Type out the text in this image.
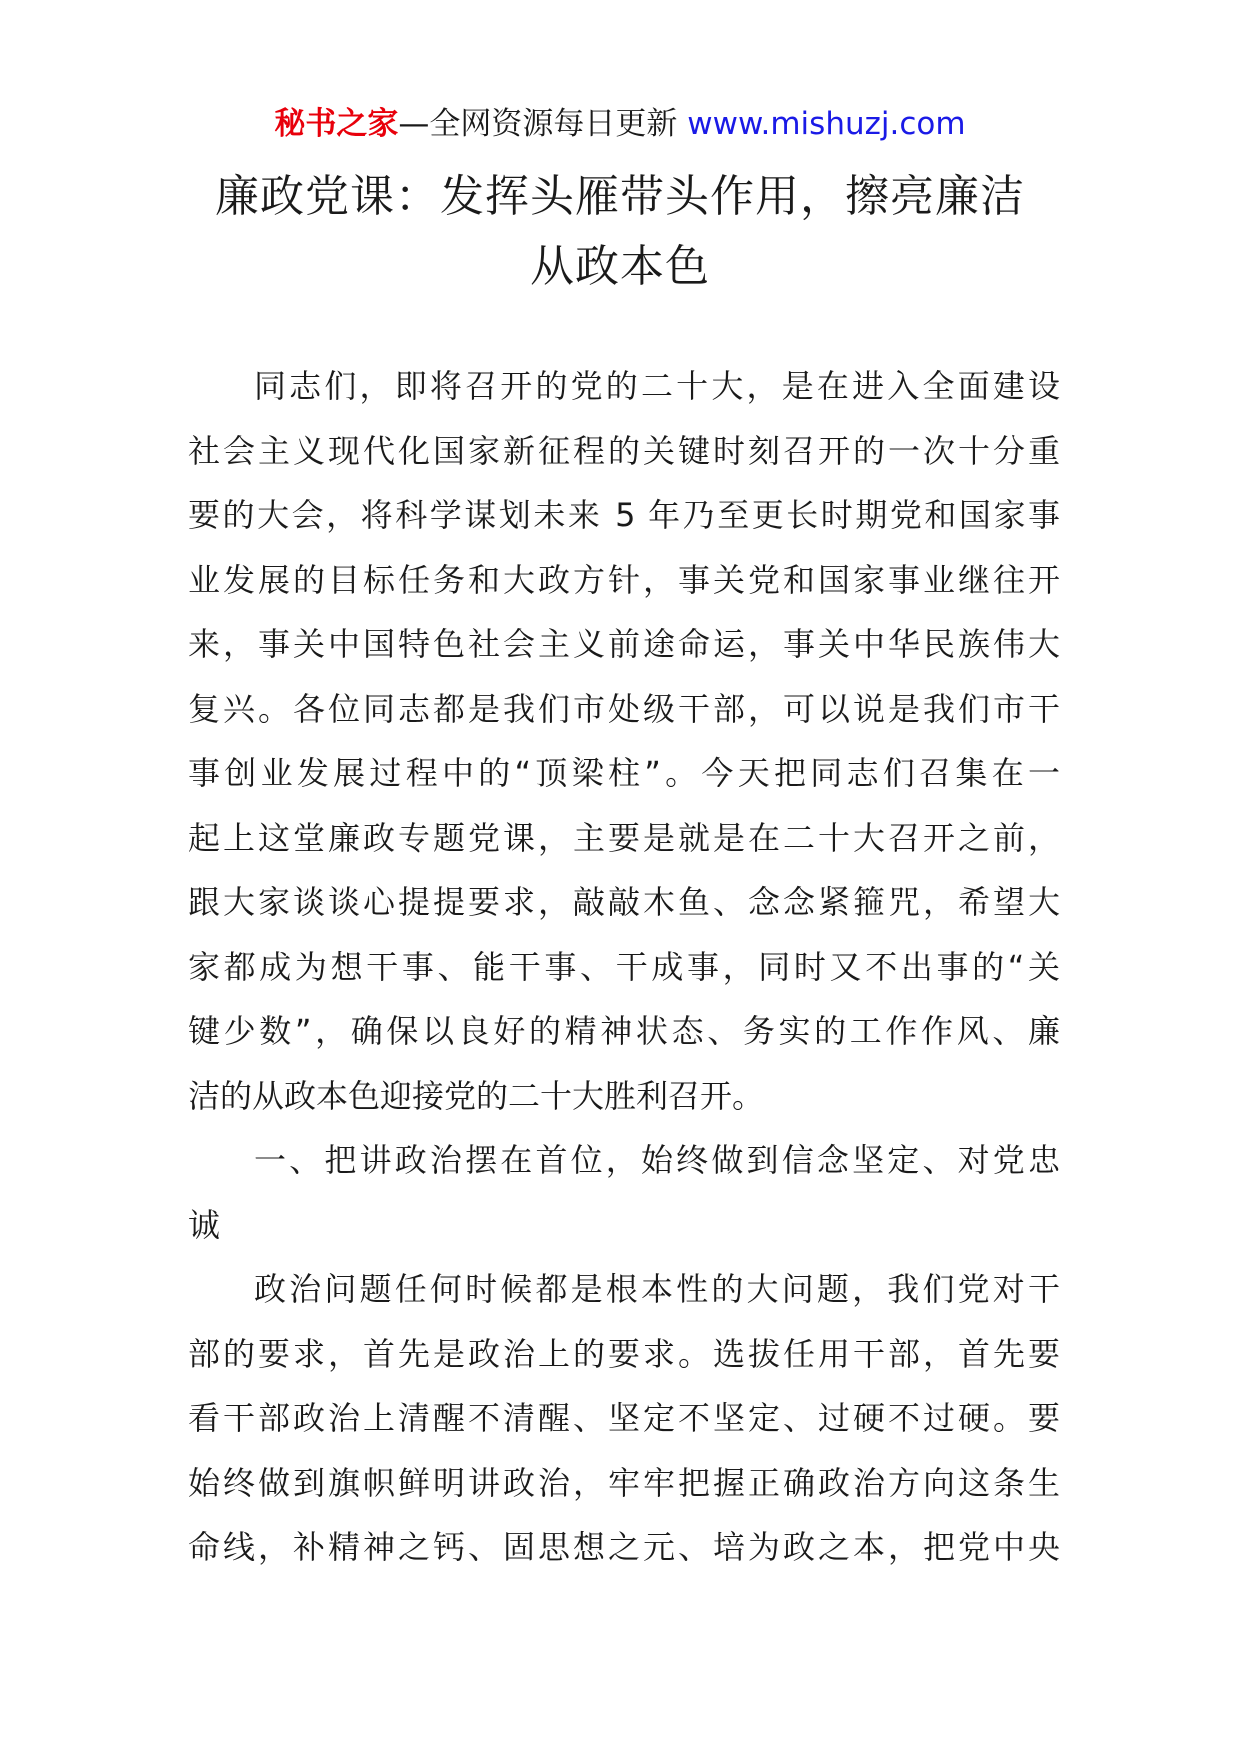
秘书之家—全网资源每日更新 www.mishuzj.com
廉政党课：发挥头雁带头作用，擦亮廉洁
从政本色
同志们，即将召开的党的二十大，是在进入全面建设
社会主义现代化国家新征程的关键时刻召开的一次十分重
要的大会，将科学谋划未来 5 年乃至更长时期党和国家事
业发展的目标任务和大政方针，事关党和国家事业继往开
来，事关中国特色社会主义前途命运，事关中华民族伟大
复兴。各位同志都是我们市处级干部，可以说是我们市干
事创业发展过程中的“顶梁柱”。今天把同志们召集在一
起上这堂廉政专题党课，主要是就是在二十大召开之前，
跟大家谈谈心提提要求，敲敲木鱼、念念紧箍咒，希望大
家都成为想干事、能干事、干成事，同时又不出事的“关
键少数”，确保以良好的精神状态、务实的工作作风、廉
洁的从政本色迎接党的二十大胜利召开。
一、把讲政治摆在首位，始终做到信念坚定、对党忠
诚
政治问题任何时候都是根本性的大问题，我们党对干
部的要求，首先是政治上的要求。选拔任用干部，首先要
看干部政治上清醒不清醒、坚定不坚定、过硬不过硬。要
始终做到旗帜鲜明讲政治，牢牢把握正确政治方向这条生
命线，补精神之钙、固思想之元、培为政之本，把党中央
